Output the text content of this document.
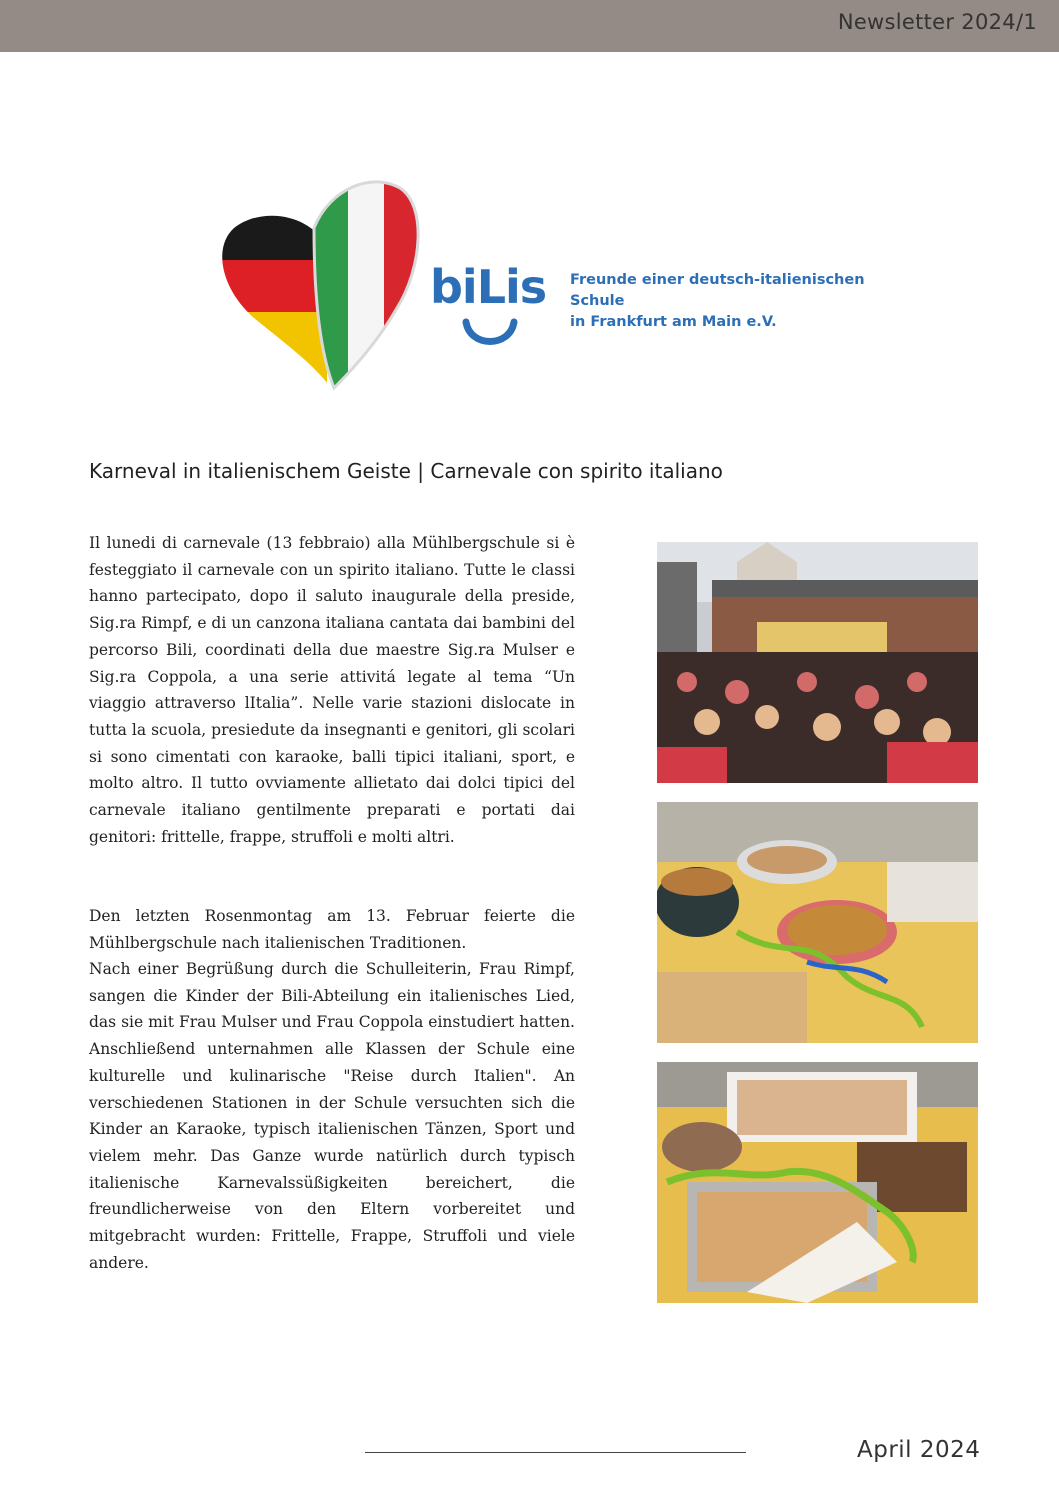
Newsletter 2024/1
biLis Freunde einer deutsch-italienischen Schule
in Frankfurt am Main e.V.
Karneval in italienischem Geiste | Carnevale con spirito italiano

Il lunedi di carnevale (13 febbraio) alla Mühlbergschule si è festeggiato il carnevale con un spirito italiano. Tutte le classi hanno partecipato, dopo il saluto inaugurale della preside, Sig.ra Rimpf, e di un canzona italiana cantata dai bambini del percorso Bili, coordinati della due maestre Sig.ra Mulser e Sig.ra Coppola, a una serie attivitá legate al tema “Un viaggio attraverso lItalia”. Nelle varie stazioni dislocate in tutta la scuola, presiedute da insegnanti e genitori, gli scolari si sono cimentati con karaoke, balli tipici italiani, sport, e molto altro. Il tutto ovviamente allietato dai dolci tipici del carnevale italiano gentilmente preparati e portati dai genitori: frittelle, frappe, struffoli e molti altri.

Den letzten Rosenmontag am 13. Februar feierte die Mühlbergschule nach italienischen Traditionen.

Nach einer Begrüßung durch die Schulleiterin, Frau Rimpf, sangen die Kinder der Bili-Abteilung ein italienisches Lied, das sie mit Frau Mulser und Frau Coppola einstudiert hatten. Anschließend unternahmen alle Klassen der Schule eine kulturelle und kulinarische "Reise durch Italien". An verschiedenen Stationen in der Schule versuchten sich die Kinder an Karaoke, typisch italienischen Tänzen, Sport und vielem mehr. Das Ganze wurde natürlich durch typisch italienische Karnevalssüßigkeiten bereichert, die freundlicherweise von den Eltern vorbereitet und mitgebracht wurden: Frittelle, Frappe, Struffoli und viele andere.

April 2024
